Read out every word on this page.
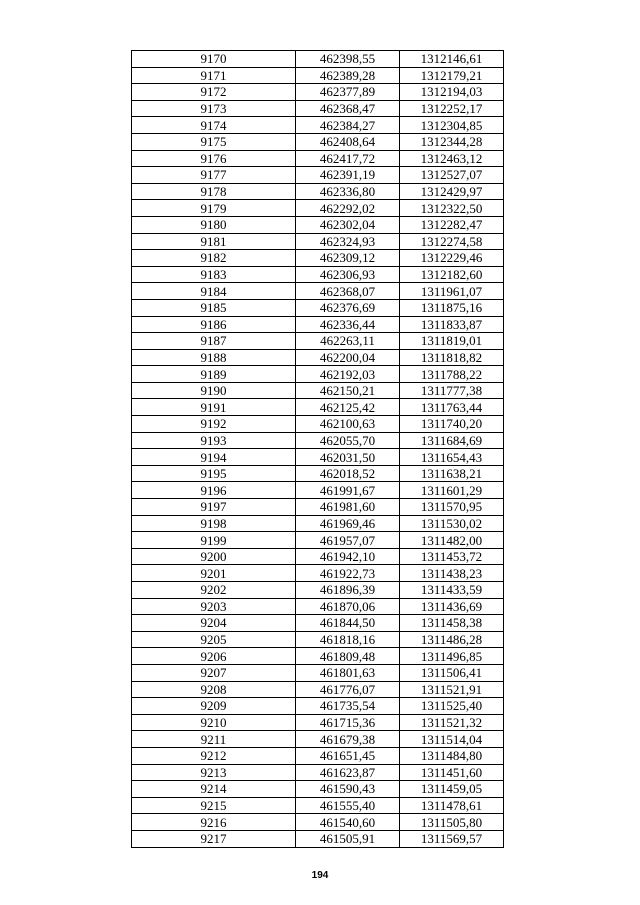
9170	462398,55	1312146,61
9171	462389,28	1312179,21
9172	462377,89	1312194,03
9173	462368,47	1312252,17
9174	462384,27	1312304,85
9175	462408,64	1312344,28
9176	462417,72	1312463,12
9177	462391,19	1312527,07
9178	462336,80	1312429,97
9179	462292,02	1312322,50
9180	462302,04	1312282,47
9181	462324,93	1312274,58
9182	462309,12	1312229,46
9183	462306,93	1312182,60
9184	462368,07	1311961,07
9185	462376,69	1311875,16
9186	462336,44	1311833,87
9187	462263,11	1311819,01
9188	462200,04	1311818,82
9189	462192,03	1311788,22
9190	462150,21	1311777,38
9191	462125,42	1311763,44
9192	462100,63	1311740,20
9193	462055,70	1311684,69
9194	462031,50	1311654,43
9195	462018,52	1311638,21
9196	461991,67	1311601,29
9197	461981,60	1311570,95
9198	461969,46	1311530,02
9199	461957,07	1311482,00
9200	461942,10	1311453,72
9201	461922,73	1311438,23
9202	461896,39	1311433,59
9203	461870,06	1311436,69
9204	461844,50	1311458,38
9205	461818,16	1311486,28
9206	461809,48	1311496,85
9207	461801,63	1311506,41
9208	461776,07	1311521,91
9209	461735,54	1311525,40
9210	461715,36	1311521,32
9211	461679,38	1311514,04
9212	461651,45	1311484,80
9213	461623,87	1311451,60
9214	461590,43	1311459,05
9215	461555,40	1311478,61
9216	461540,60	1311505,80
9217	461505,91	1311569,57
194
